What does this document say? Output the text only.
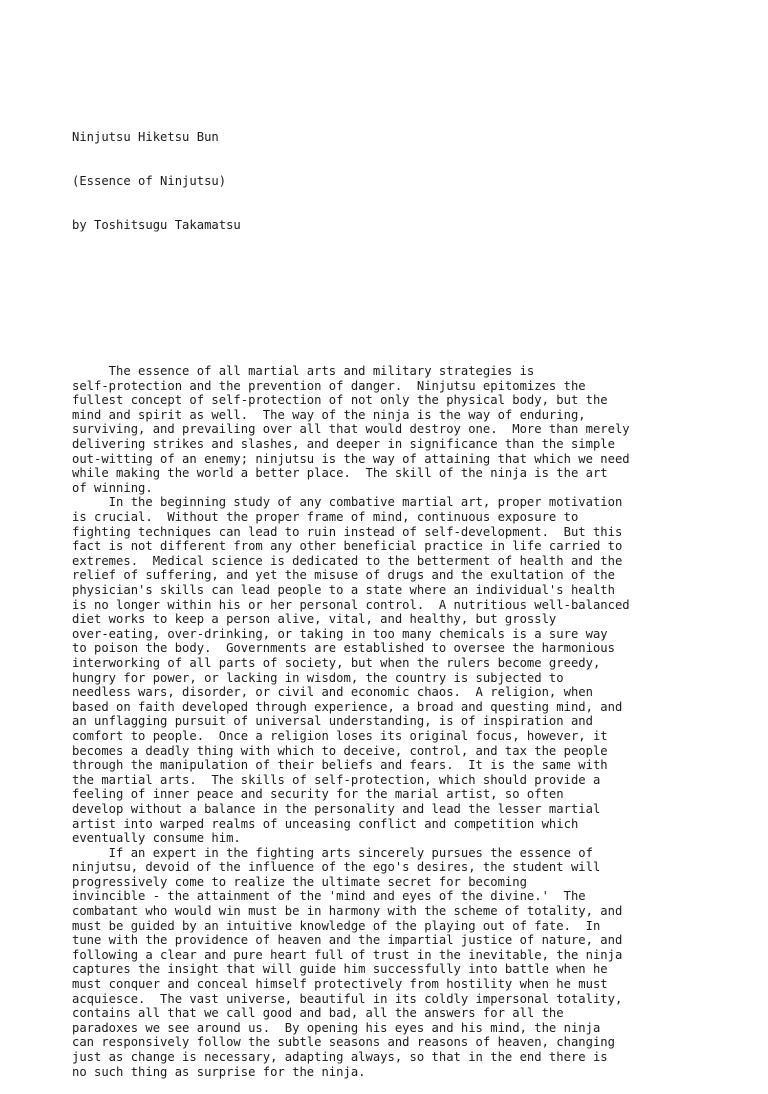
Ninjutsu Hiketsu Bun

(Essence of Ninjutsu)

by Toshitsugu Takamatsu

The essence of all martial arts and military strategies is
self-protection and the prevention of danger.  Ninjutsu epitomizes the
fullest concept of self-protection of not only the physical body, but the
mind and spirit as well.  The way of the ninja is the way of enduring,
surviving, and prevailing over all that would destroy one.  More than merely
delivering strikes and slashes, and deeper in significance than the simple
out-witting of an enemy; ninjutsu is the way of attaining that which we need
while making the world a better place.  The skill of the ninja is the art
of winning.
In the beginning study of any combative martial art, proper motivation
is crucial.  Without the proper frame of mind, continuous exposure to
fighting techniques can lead to ruin instead of self-development.  But this
fact is not different from any other beneficial practice in life carried to
extremes.  Medical science is dedicated to the betterment of health and the
relief of suffering, and yet the misuse of drugs and the exultation of the
physician's skills can lead people to a state where an individual's health
is no longer within his or her personal control.  A nutritious well-balanced
diet works to keep a person alive, vital, and healthy, but grossly
over-eating, over-drinking, or taking in too many chemicals is a sure way
to poison the body.  Governments are established to oversee the harmonious
interworking of all parts of society, but when the rulers become greedy,
hungry for power, or lacking in wisdom, the country is subjected to
needless wars, disorder, or civil and economic chaos.  A religion, when
based on faith developed through experience, a broad and questing mind, and
an unflagging pursuit of universal understanding, is of inspiration and
comfort to people.  Once a religion loses its original focus, however, it
becomes a deadly thing with which to deceive, control, and tax the people
through the manipulation of their beliefs and fears.  It is the same with
the martial arts.  The skills of self-protection, which should provide a
feeling of inner peace and security for the marial artist, so often
develop without a balance in the personality and lead the lesser martial
artist into warped realms of unceasing conflict and competition which
eventually consume him.
If an expert in the fighting arts sincerely pursues the essence of
ninjutsu, devoid of the influence of the ego's desires, the student will
progressively come to realize the ultimate secret for becoming
invincible - the attainment of the 'mind and eyes of the divine.'  The
combatant who would win must be in harmony with the scheme of totality, and
must be guided by an intuitive knowledge of the playing out of fate.  In
tune with the providence of heaven and the impartial justice of nature, and
following a clear and pure heart full of trust in the inevitable, the ninja
captures the insight that will guide him successfully into battle when he
must conquer and conceal himself protectively from hostility when he must
acquiesce.  The vast universe, beautiful in its coldly impersonal totality,
contains all that we call good and bad, all the answers for all the
paradoxes we see around us.  By opening his eyes and his mind, the ninja
can responsively follow the subtle seasons and reasons of heaven, changing
just as change is necessary, adapting always, so that in the end there is
no such thing as surprise for the ninja.
